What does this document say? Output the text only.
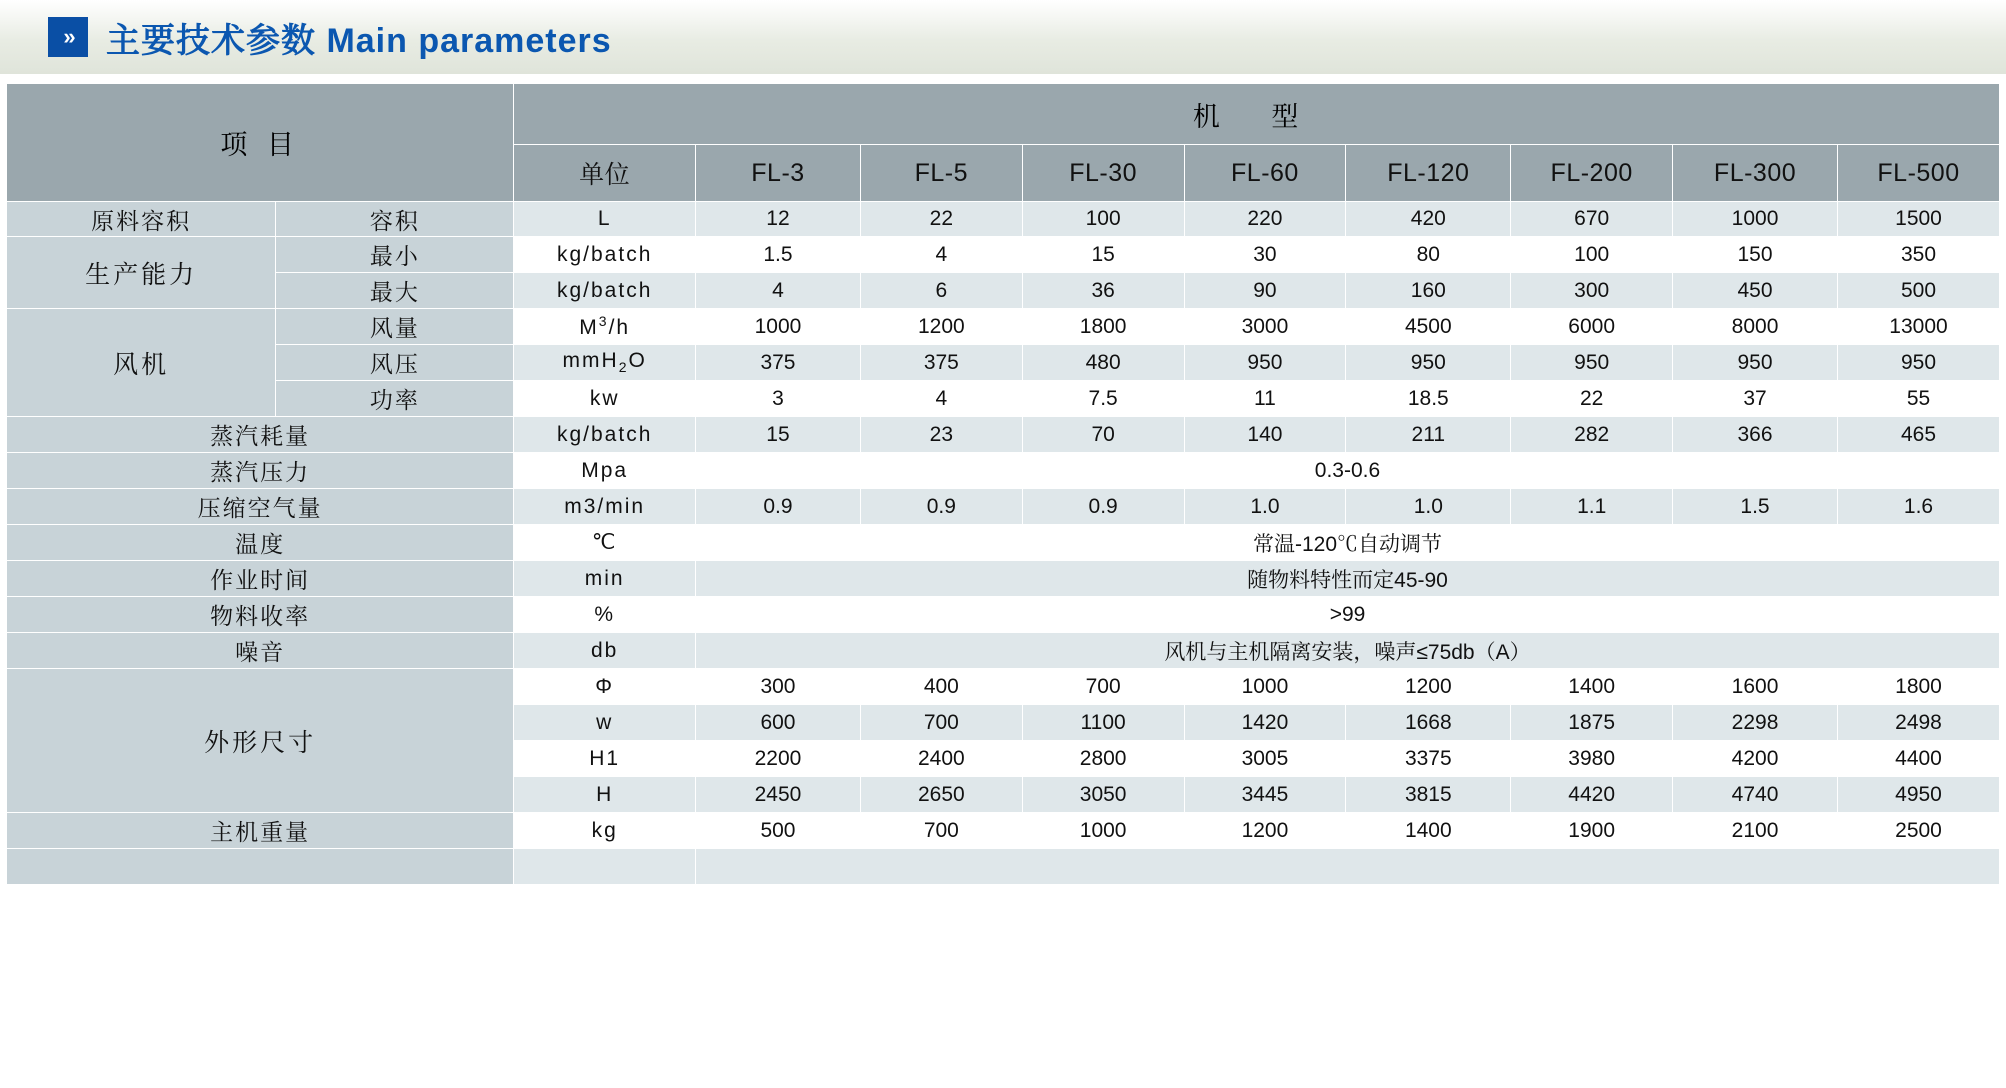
» 主要技术参数 Main parameters
项 目		机 型								
		单位	FL-3	FL-5	FL-30	FL-60	FL-120	FL-200	FL-300	FL-500
原料容积	容积	L	12	22	100	220	420	670	1000	1500
生产能力	最小	kg/batch	1.5	4	15	30	80	100	150	350
	最大	kg/batch	4	6	36	90	160	300	450	500
风机	风量	$M^3/h$	1000	1200	1800	3000	4500	6000	8000	13000
	风压	mmH$_2$O	375	375	480	950	950	950	950	950
	功率	kw	3	4	7.5	11	18.5	22	37	55
蒸汽耗量		kg/batch	15	23	70	140	211	282	366	465
蒸汽压力		Mpa	0.3-0.6							
压缩空气量		m3/min	0.9	0.9	0.9	1.0	1.0	1.1	1.5	1.6
温度		℃	常温-120℃自动调节							
作业时间		min	随物料特性而定45-90							
物料收率		%	>99							
噪音		db	风机与主机隔离安装，噪声≤75db（A）							
外形尺寸		Φ	300	400	700	1000	1200	1400	1600	1800
		w	600	700	1100	1420	1668	1875	2298	2498
		H1	2200	2400	2800	3005	3375	3980	4200	4400
		H	2450	2650	3050	3445	3815	4420	4740	4950
主机重量		kg	500	700	1000	1200	1400	1900	2100	2500
